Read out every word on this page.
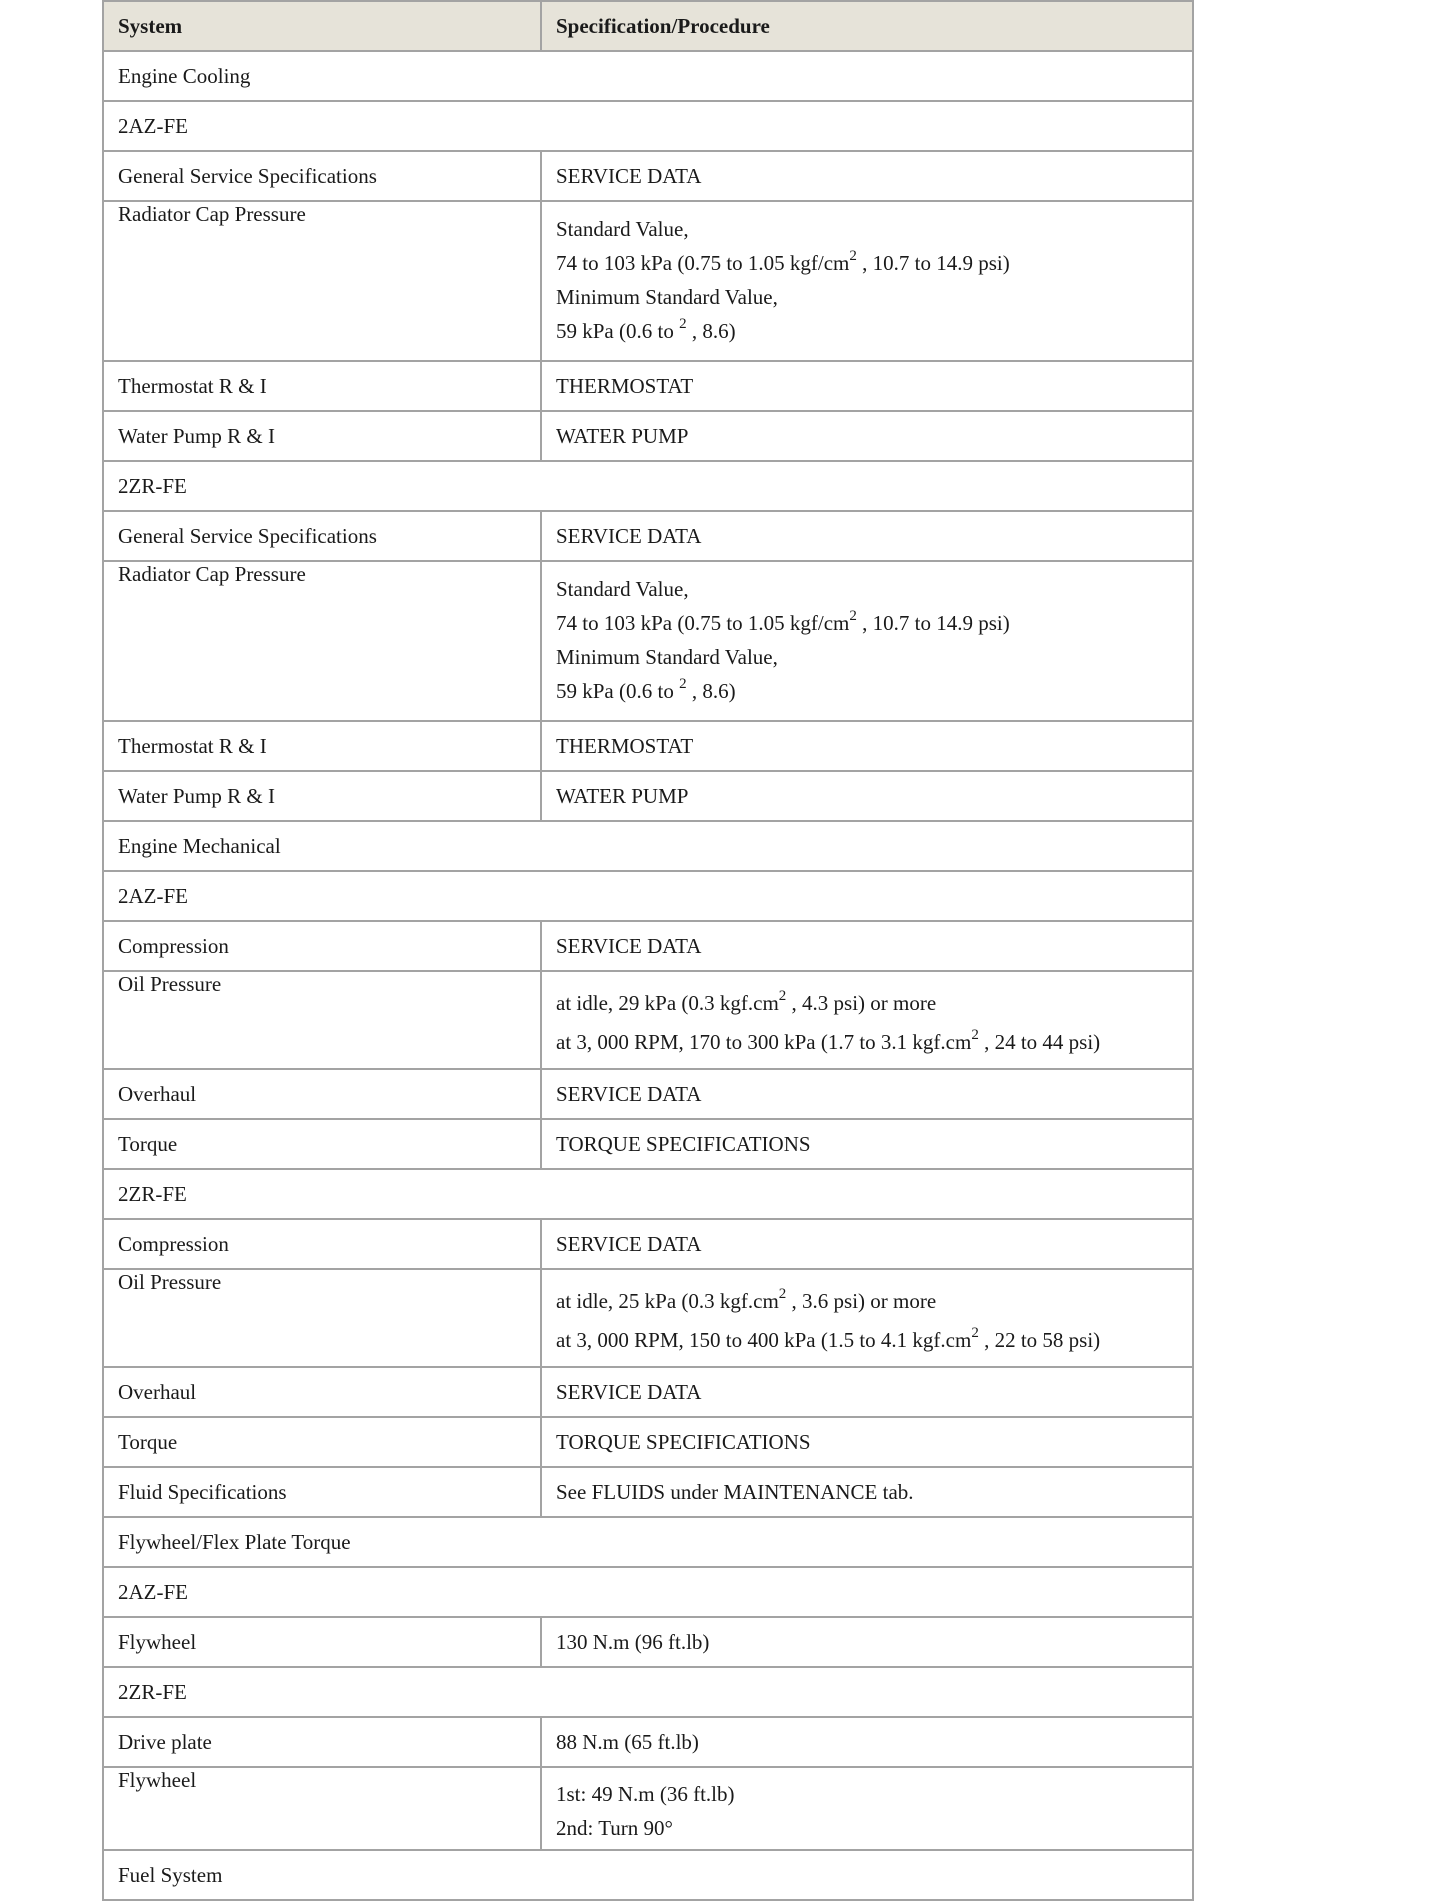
System	Specification/Procedure
Engine Cooling	
2AZ-FE	
General Service Specifications	SERVICE DATA
Radiator Cap Pressure	Standard Value,
74 to 103 kPa (0.75 to 1.05 kgf/$cm^2$ , 10.7 to 14.9 psi)
Minimum Standard Value,
59 kPa (0.6 to $^2$ , 8.6)

Thermostat R & I	THERMOSTAT
Water Pump R & I	WATER PUMP
2ZR-FE	
General Service Specifications	SERVICE DATA
Radiator Cap Pressure	Standard Value,
74 to 103 kPa (0.75 to 1.05 kgf/$cm^2$ , 10.7 to 14.9 psi)
Minimum Standard Value,
59 kPa (0.6 to $^2$ , 8.6)

Thermostat R & I	THERMOSTAT
Water Pump R & I	WATER PUMP
Engine Mechanical	
2AZ-FE	
Compression	SERVICE DATA
Oil Pressure	at idle, 29 kPa (0.3 $kgf.cm^2$ , 4.3 psi) or more
at 3, 000 RPM, 170 to 300 kPa (1.7 to 3.1 $kgf.cm^2$ , 24 to 44 psi)

Overhaul	SERVICE DATA
Torque	TORQUE SPECIFICATIONS
2ZR-FE	
Compression	SERVICE DATA
Oil Pressure	at idle, 25 kPa (0.3 $kgf.cm^2$ , 3.6 psi) or more
at 3, 000 RPM, 150 to 400 kPa (1.5 to 4.1 $kgf.cm^2$ , 22 to 58 psi)

Overhaul	SERVICE DATA
Torque	TORQUE SPECIFICATIONS
Fluid Specifications	See FLUIDS under MAINTENANCE tab.
Flywheel/Flex Plate Torque	
2AZ-FE	
Flywheel	130 N.m (96 ft.lb)
2ZR-FE	
Drive plate	88 N.m (65 ft.lb)
Flywheel	1st: 49 N.m (36 ft.lb)
2nd: Turn 90°

Fuel System	
